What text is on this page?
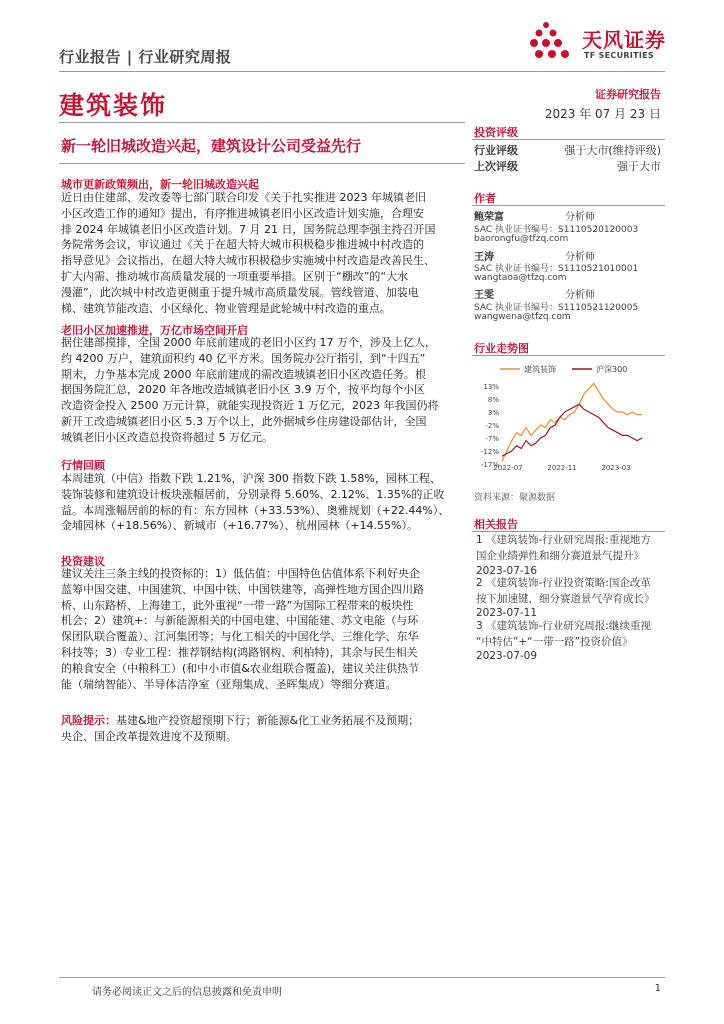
行业报告 | 行业研究周报
天风证券
TF SECURITIES
建筑装饰	证券研究报告
2023 年 07 月 23 日
新一轮旧城改造兴起，建筑设计公司受益先行
城市更新政策频出，新一轮旧城改造兴起
近日由住建部、发改委等七部门联合印发《关于扎实推进 2023 年城镇老旧
小区改造工作的通知》提出，有序推进城镇老旧小区改造计划实施，合理安
排 2024 年城镇老旧小区改造计划。7 月 21 日，国务院总理李强主持召开国
务院常务会议，审议通过《关于在超大特大城市积极稳步推进城中村改造的
指导意见》会议指出，在超大特大城市积极稳步实施城中村改造是改善民生、
扩大内需、推动城市高质量发展的一项重要举措。区别于“棚改”的“大水
漫灌”，此次城中村改造更侧重于提升城市高质量发展。管线管道、加装电
梯、建筑节能改造、小区绿化、物业管理是此轮城中村改造的重点。
老旧小区加速推进，万亿市场空间开启
据住建部摸排，全国 2000 年底前建成的老旧小区约 17 万个，涉及上亿人，
约 4200 万户，建筑面积约 40 亿平方米。国务院办公厅指引，到“十四五”
期末，力争基本完成 2000 年底前建成的需改造城镇老旧小区改造任务。根
据国务院汇总，2020 年各地改造城镇老旧小区 3.9 万个，按平均每个小区
改造资金投入 2500 万元计算，就能实现投资近 1 万亿元，2023 年我国仍将
新开工改造城镇老旧小区 5.3 万个以上，此外据城乡住房建设部估计，全国
城镇老旧小区改造总投资将超过 5 万亿元。
行情回顾
本周建筑（中信）指数下跌 1.21%，沪深 300 指数下跌 1.58%，园林工程、
装饰装修和建筑设计板块涨幅居前，分别录得 5.60%、2.12%、1.35%的正收
益。本周涨幅居前的标的有：东方园林（+33.53%）、奥雅规划（+22.44%）、
金埔园林（+18.56%）、新城市（+16.77%）、杭州园林（+14.55%）。
投资建议
建议关注三条主线的投资标的：1）低估值：中国特色估值体系下利好央企
蓝筹中国交建、中国建筑、中国中铁、中国铁建等，高弹性地方国企四川路
桥、山东路桥、上海建工，此外重视“一带一路”为国际工程带来的板块性
机会；2）建筑+：与新能源相关的中国电建、中国能建、苏文电能（与环
保团队联合覆盖）、江河集团等；与化工相关的中国化学、三维化学、东华
科技等；3）专业工程：推荐钢结构(鸿路钢构、利柏特)，其余与民生相关
的粮食安全（中粮科工）(和中小市值&农业组联合覆盖)，建议关注供热节
能（瑞纳智能）、半导体洁净室（亚翔集成、圣晖集成）等细分赛道。
风险提示：基建&地产投资超预期下行；新能源&化工业务拓展不及预期；
央企、国企改革提效进度不及预期。
投资评级
行业评级	强于大市(维持评级)
上次评级	强于大市
作者
鲍荣富	分析师
SAC 执业证书编号：S1110520120003
baorongfu@tfzq.com
王涛	分析师
SAC 执业证书编号：S1110521010001
wangtaoa@tfzq.com
王雯	分析师
SAC 执业证书编号：S1110521120005
wangwena@tfzq.com
行业走势图
建筑装饰	沪深300
13%
8%
3%
-2%
-7%
-12%
-17%
2022-07	2022-11	2023-03
资料来源：聚源数据
相关报告
1 《建筑装饰-行业研究周报:重视地方
国企业绩弹性和细分赛道景气提升》
2023-07-16
2 《建筑装饰-行业投资策略:国企改革
按下加速键，细分赛道景气孕育成长》
2023-07-11
3 《建筑装饰-行业研究周报:继续重视
“中特估”+“一带一路”投资价值》
2023-07-09
请务必阅读正文之后的信息披露和免责申明	1
